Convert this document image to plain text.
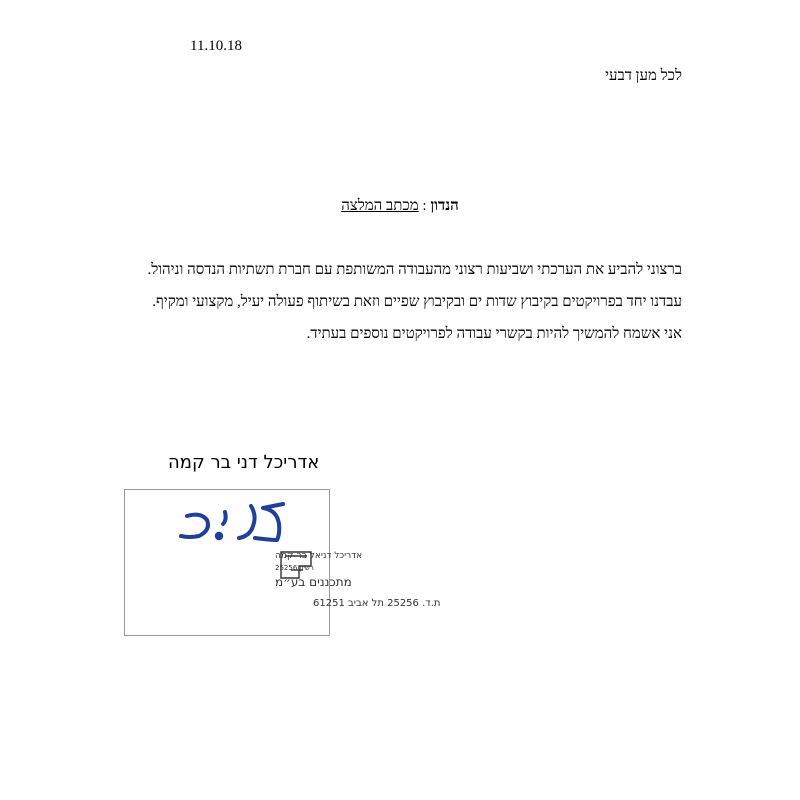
11.10.18
לכל מען דבעי
הנדון : מכתב המלצה
ברצוני להביע את הערכתי ושביעות רצוני מהעבודה המשותפת עם חברת תשתיות הנדסה וניהול.
עבדנו יחד בפרויקטים בקיבוץ שדות ים ובקיבוץ שפיים וזאת בשיתוף פעולה יעיל, מקצועי ומקיף.
אני אשמח להמשיך להיות בקשרי עבודה לפרויקטים נוספים בעתיד.
אדריכל דני בר קמה
אדריכל דניאל בר-קמה
רשיון 25256
מתכננים בע״מ
ת.ד. 25256 תל אביב 61251
